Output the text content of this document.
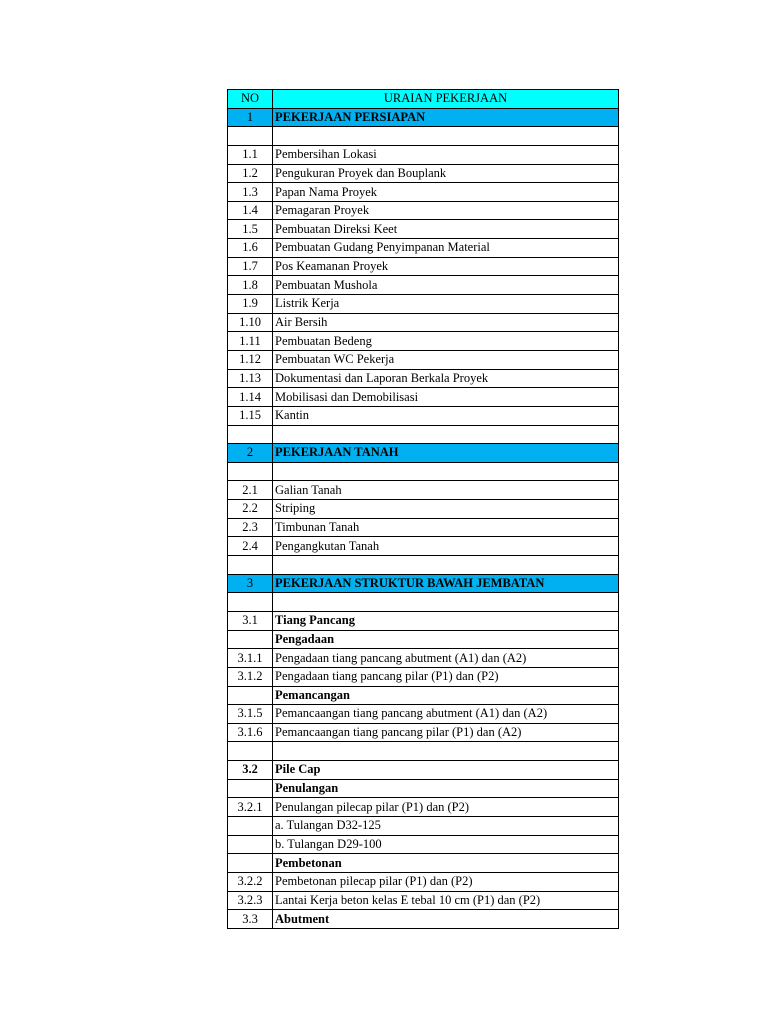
NO	URAIAN PEKERJAAN
1	PEKERJAAN PERSIAPAN

1.1	Pembersihan Lokasi
1.2	Pengukuran Proyek dan Bouplank
1.3	Papan Nama Proyek
1.4	Pemagaran Proyek
1.5	Pembuatan Direksi Keet
1.6	Pembuatan Gudang Penyimpanan Material
1.7	Pos Keamanan Proyek
1.8	Pembuatan Mushola
1.9	Listrik Kerja
1.10	Air Bersih
1.11	Pembuatan Bedeng
1.12	Pembuatan WC Pekerja
1.13	Dokumentasi dan Laporan Berkala Proyek
1.14	Mobilisasi dan Demobilisasi
1.15	Kantin

2	PEKERJAAN TANAH

2.1	Galian Tanah
2.2	Striping
2.3	Timbunan Tanah
2.4	Pengangkutan Tanah

3	PEKERJAAN STRUKTUR BAWAH JEMBATAN

3.1	Tiang Pancang
	Pengadaan
3.1.1	Pengadaan tiang pancang abutment (A1) dan (A2)
3.1.2	Pengadaan tiang pancang pilar (P1) dan (P2)
	Pemancangan
3.1.5	Pemancaangan tiang pancang abutment (A1) dan (A2)
3.1.6	Pemancaangan tiang pancang pilar (P1) dan (A2)

3.2	Pile Cap
	Penulangan
3.2.1	Penulangan pilecap pilar (P1) dan (P2)
	a. Tulangan D32-125
	b. Tulangan D29-100
	Pembetonan
3.2.2	Pembetonan pilecap pilar (P1) dan (P2)
3.2.3	Lantai Kerja beton kelas E tebal 10 cm (P1) dan (P2)
3.3	Abutment
